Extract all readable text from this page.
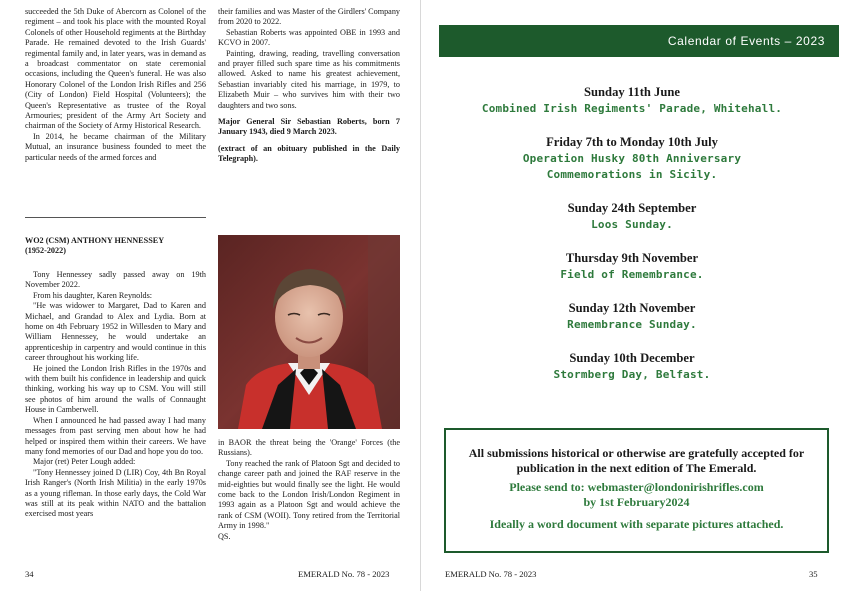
succeeded the 5th Duke of Abercorn as Colonel of the regiment – and took his place with the mounted Royal Colonels of other Household regiments at the Birthday Parade. He remained devoted to the Irish Guards' regimental family and, in later years, was in demand as a broadcast commentator on state ceremonial occasions, including the Queen's funeral. He was also Honorary Colonel of the London Irish Rifles and 256 (City of London) Field Hospital (Volunteers); the Queen's Representative as trustee of the Royal Armouries; president of the Army Art Society and chairman of the Society of Army Historical Research.

In 2014, he became chairman of the Military Mutual, an insurance business founded to meet the particular needs of the armed forces and

their families and was Master of the Girdlers' Company from 2020 to 2022.

Sebastian Roberts was appointed OBE in 1993 and KCVO in 2007.

Painting, drawing, reading, travelling conversation and prayer filled such spare time as his commitments allowed. Asked to name his greatest achievement, Sebastian invariably cited his marriage, in 1979, to Elizabeth Muir – who survives him with their two daughters and two sons.

Major General Sir Sebastian Roberts, born 7 January 1943, died 9 March 2023.

(extract of an obituary published in the Daily Telegraph).

WO2 (CSM) ANTHONY HENNESSEY
(1952-2022)

Tony Hennessey sadly passed away on 19th November 2022.

From his daughter, Karen Reynolds:

"He was widower to Margaret, Dad to Karen and Michael, and Grandad to Alex and Lydia. Born at home on 4th February 1952 in Willesden to Mary and William Hennessey, he would undertake an apprenticeship in carpentry and would continue in this career throughout his working life.

He joined the London Irish Rifles in the 1970s and with them built his confidence in leadership and quick thinking, working his way up to CSM. You will still see photos of him around the walls of Connaught House in Camberwell.

When I announced he had passed away I had many messages from past serving men about how he had helped or inspired them within their careers. We have many fond memories of our Dad and hope you do too.

Major (ret) Peter Lough added:

"Tony Hennessey joined D (LIR) Coy, 4th Bn Royal Irish Ranger's (North Irish Militia) in the early 1970s as a young rifleman. In those early days, the Cold War was still at its peak within NATO and the battalion exercised most years

in BAOR the threat being the 'Orange' Forces (the Russians).

Tony reached the rank of Platoon Sgt and decided to change career path and joined the RAF reserve in the mid-eighties but would finally see the light. He would come back to the London Irish/London Regiment in 1993 again as a Platoon Sgt and would achieve the rank of CSM (WOII). Tony retired from the Territorial Army in 1998."

QS.

34	EMERALD No. 78 - 2023
Calendar of Events – 2023
Sunday 11th June
Combined Irish Regiments' Parade, Whitehall.
Friday 7th to Monday 10th July
Operation Husky 80th Anniversary Commemorations in Sicily.
Sunday 24th September
Loos Sunday.
Thursday 9th November
Field of Remembrance.
Sunday 12th November
Remembrance Sunday.
Sunday 10th December
Stormberg Day, Belfast.
All submissions historical or otherwise are gratefully accepted for publication in the next edition of The Emerald.
Please send to: webmaster@londonirishrifles.com by 1st February2024
Ideally a word document with separate pictures attached.
EMERALD No. 78 - 2023	35
